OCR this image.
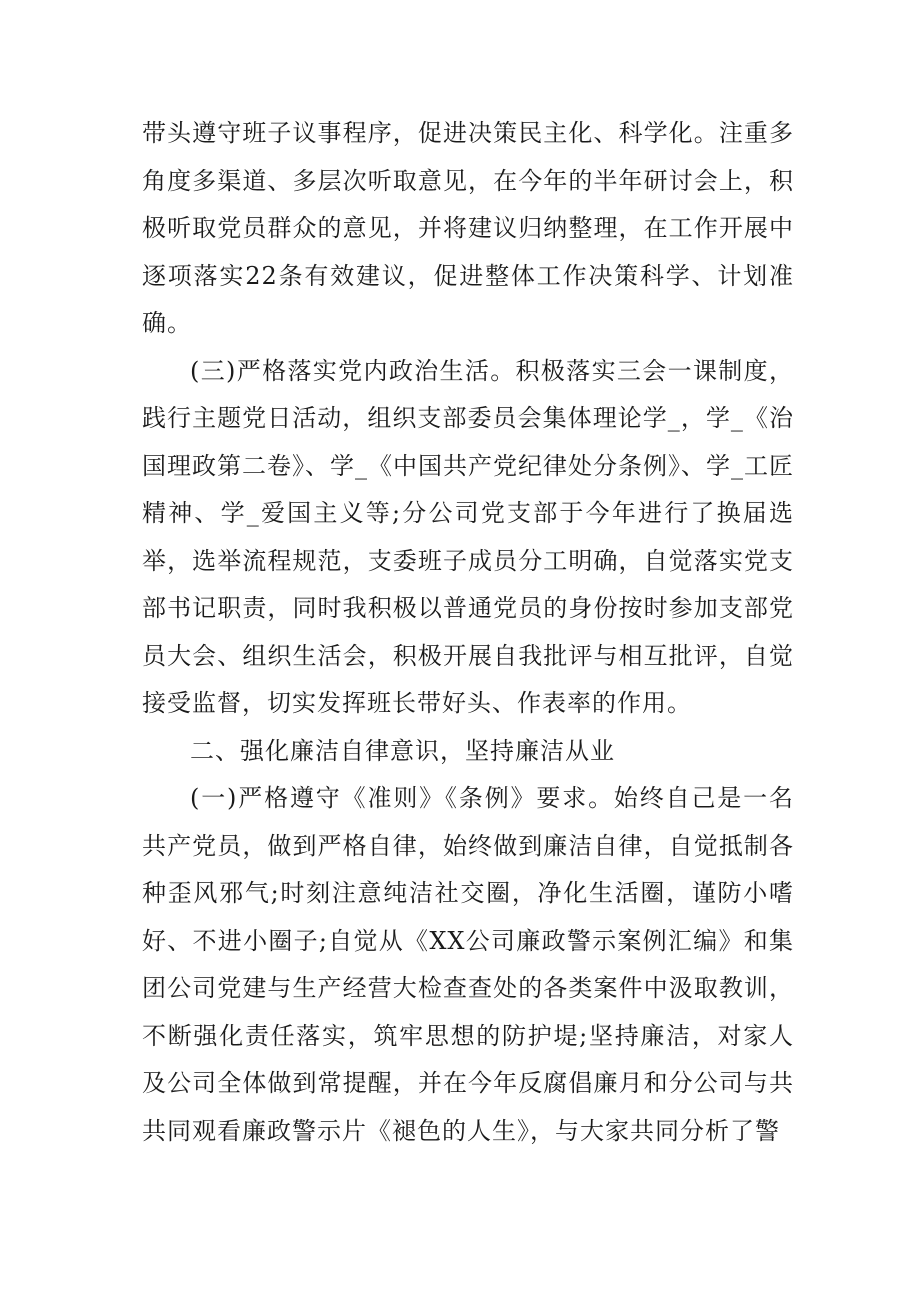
带头遵守班子议事程序，促进决策民主化、科学化。注重多角度多渠道、多层次听取意见，在今年的半年研讨会上，积极听取党员群众的意见，并将建议归纳整理，在工作开展中逐项落实22条有效建议，促进整体工作决策科学、计划准确。

(三)严格落实党内政治生活。积极落实三会一课制度，践行主题党日活动，组织支部委员会集体理论学_，学_《治国理政第二卷》、学_《中国共产党纪律处分条例》、学_工匠精神、学_爱国主义等;分公司党支部于今年进行了换届选举，选举流程规范，支委班子成员分工明确，自觉落实党支部书记职责，同时我积极以普通党员的身份按时参加支部党员大会、组织生活会，积极开展自我批评与相互批评，自觉接受监督，切实发挥班长带好头、作表率的作用。

二、强化廉洁自律意识，坚持廉洁从业

(一)严格遵守《准则》《条例》要求。始终自己是一名共产党员，做到严格自律，始终做到廉洁自律，自觉抵制各种歪风邪气;时刻注意纯洁社交圈，净化生活圈，谨防小嗜好、不进小圈子;自觉从《XX公司廉政警示案例汇编》和集团公司党建与生产经营大检查查处的各类案件中汲取教训，不断强化责任落实，筑牢思想的防护堤;坚持廉洁，对家人及公司全体做到常提醒，并在今年反腐倡廉月和分公司与共共同观看廉政警示片《褪色的人生》，与大家共同分析了警
